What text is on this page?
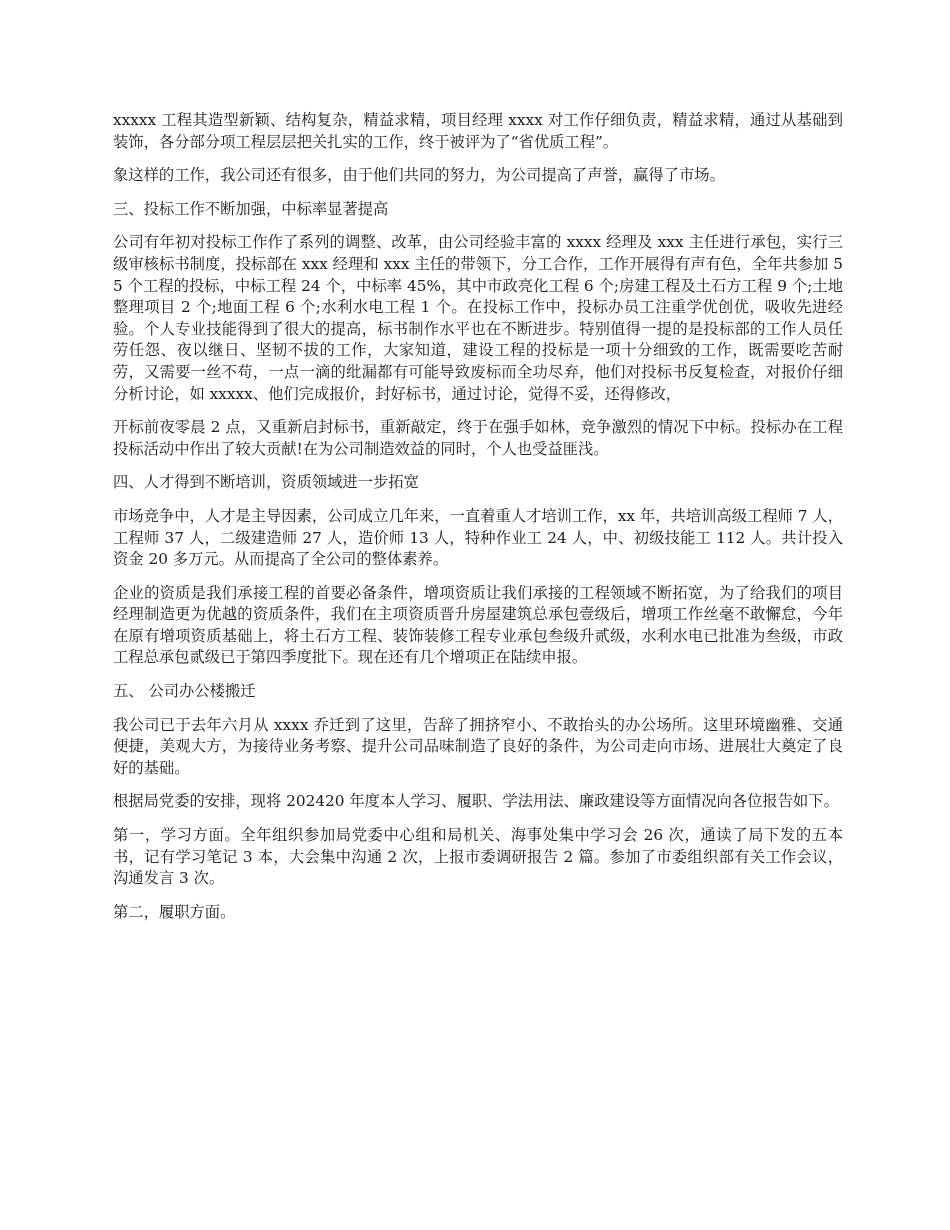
xxxxx 工程其造型新颖、结构复杂，精益求精，项目经理 xxxx 对工作仔细负责，精益求精，通过从基础到装饰，各分部分项工程层层把关扎实的工作，终于被评为了“省优质工程”。

象这样的工作，我公司还有很多，由于他们共同的努力，为公司提高了声誉，赢得了市场。

三、投标工作不断加强，中标率显著提高

公司有年初对投标工作作了系列的调整、改革，由公司经验丰富的 xxxx 经理及 xxx 主任进行承包，实行三级审核标书制度，投标部在 xxx 经理和 xxx 主任的带领下，分工合作，工作开展得有声有色，全年共参加 55 个工程的投标，中标工程 24 个，中标率 45%，其中市政亮化工程 6 个;房建工程及土石方工程 9 个;土地整理项目 2 个;地面工程 6 个;水利水电工程 1 个。在投标工作中，投标办员工注重学优创优，吸收先进经验。个人专业技能得到了很大的提高，标书制作水平也在不断进步。特别值得一提的是投标部的工作人员任劳任怨、夜以继日、坚韧不拔的工作，大家知道，建设工程的投标是一项十分细致的工作，既需要吃苦耐劳，又需要一丝不苟，一点一滴的纰漏都有可能导致废标而全功尽弃，他们对投标书反复检查，对报价仔细分析讨论，如 xxxxx、他们完成报价，封好标书，通过讨论，觉得不妥，还得修改，

开标前夜零晨 2 点，又重新启封标书，重新敲定，终于在强手如林，竞争激烈的情况下中标。投标办在工程投标活动中作出了较大贡献!在为公司制造效益的同时，个人也受益匪浅。

四、人才得到不断培训，资质领域进一步拓宽

市场竞争中，人才是主导因素，公司成立几年来，一直着重人才培训工作，xx 年，共培训高级工程师 7 人，工程师 37 人，二级建造师 27 人，造价师 13 人，特种作业工 24 人，中、初级技能工 112 人。共计投入资金 20 多万元。从而提高了全公司的整体素养。

企业的资质是我们承接工程的首要必备条件，增项资质让我们承接的工程领域不断拓宽，为了给我们的项目经理制造更为优越的资质条件，我们在主项资质晋升房屋建筑总承包壹级后，增项工作丝毫不敢懈怠，今年在原有增项资质基础上，将土石方工程、装饰装修工程专业承包叁级升贰级，水利水电已批准为叁级，市政工程总承包贰级已于第四季度批下。现在还有几个增项正在陆续申报。

五、 公司办公楼搬迁

我公司已于去年六月从 xxxx 乔迁到了这里，告辞了拥挤窄小、不敢抬头的办公场所。这里环境幽雅、交通便捷，美观大方，为接待业务考察、提升公司品味制造了良好的条件，为公司走向市场、进展壮大奠定了良好的基础。

根据局党委的安排，现将 202420 年度本人学习、履职、学法用法、廉政建设等方面情况向各位报告如下。

第一，学习方面。全年组织参加局党委中心组和局机关、海事处集中学习会 26 次，通读了局下发的五本书，记有学习笔记 3 本，大会集中沟通 2 次，上报市委调研报告 2 篇。参加了市委组织部有关工作会议，沟通发言 3 次。

第二，履职方面。
